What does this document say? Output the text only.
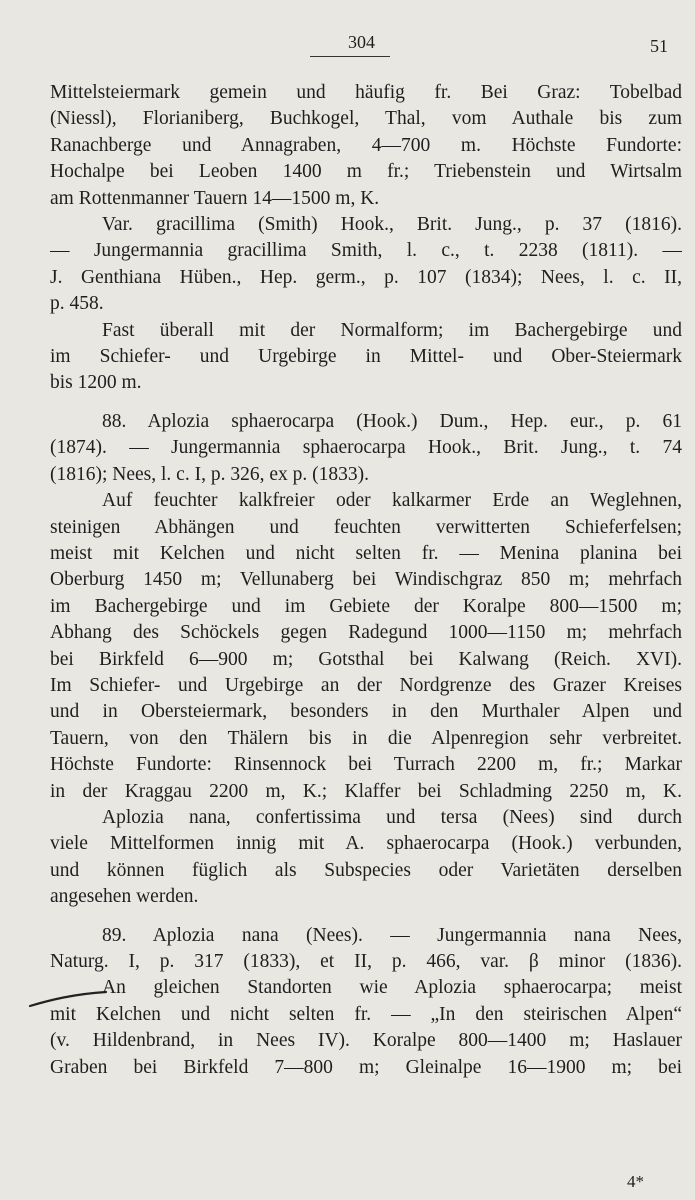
304	51
Mittelsteiermark gemein und häufig fr. Bei Graz: Tobelbad
(Niessl), Florianiberg, Buchkogel, Thal, vom Authale bis zum
Ranachberge und Annagraben, 4—700 m. Höchste Fundorte:
Hochalpe bei Leoben 1400 m fr.; Triebenstein und Wirtsalm
am Rottenmanner Tauern 14—1500 m, K.
Var. gracillima (Smith) Hook., Brit. Jung., p. 37 (1816).
— Jungermannia gracillima Smith, l. c., t. 2238 (1811). —
J. Genthiana Hüben., Hep. germ., p. 107 (1834); Nees, l. c. II,
p. 458.
Fast überall mit der Normalform; im Bachergebirge und
im Schiefer- und Urgebirge in Mittel- und Ober-Steiermark
bis 1200 m.
88. Aplozia sphaerocarpa (Hook.) Dum., Hep. eur., p. 61
(1874). — Jungermannia sphaerocarpa Hook., Brit. Jung., t. 74
(1816); Nees, l. c. I, p. 326, ex p. (1833).
Auf feuchter kalkfreier oder kalkarmer Erde an Weglehnen,
steinigen Abhängen und feuchten verwitterten Schieferfelsen;
meist mit Kelchen und nicht selten fr. — Menina planina bei
Oberburg 1450 m; Vellunaberg bei Windischgraz 850 m; mehrfach
im Bachergebirge und im Gebiete der Koralpe 800—1500 m;
Abhang des Schöckels gegen Radegund 1000—1150 m; mehrfach
bei Birkfeld 6—900 m; Gotsthal bei Kalwang (Reich. XVI).
Im Schiefer- und Urgebirge an der Nordgrenze des Grazer Kreises
und in Obersteiermark, besonders in den Murthaler Alpen und
Tauern, von den Thälern bis in die Alpenregion sehr verbreitet.
Höchste Fundorte: Rinsennock bei Turrach 2200 m, fr.; Markar
in der Kraggau 2200 m, K.; Klaffer bei Schladming 2250 m, K.
Aplozia nana, confertissima und tersa (Nees) sind durch
viele Mittelformen innig mit A. sphaerocarpa (Hook.) verbunden,
und können füglich als Subspecies oder Varietäten derselben
angesehen werden.
89. Aplozia nana (Nees). — Jungermannia nana Nees,
Naturg. I, p. 317 (1833), et II, p. 466, var. β minor (1836).
An gleichen Standorten wie Aplozia sphaerocarpa; meist
mit Kelchen und nicht selten fr. — „In den steirischen Alpen“
(v. Hildenbrand, in Nees IV). Koralpe 800—1400 m; Haslauer
Graben bei Birkfeld 7—800 m; Gleinalpe 16—1900 m; bei
4*
